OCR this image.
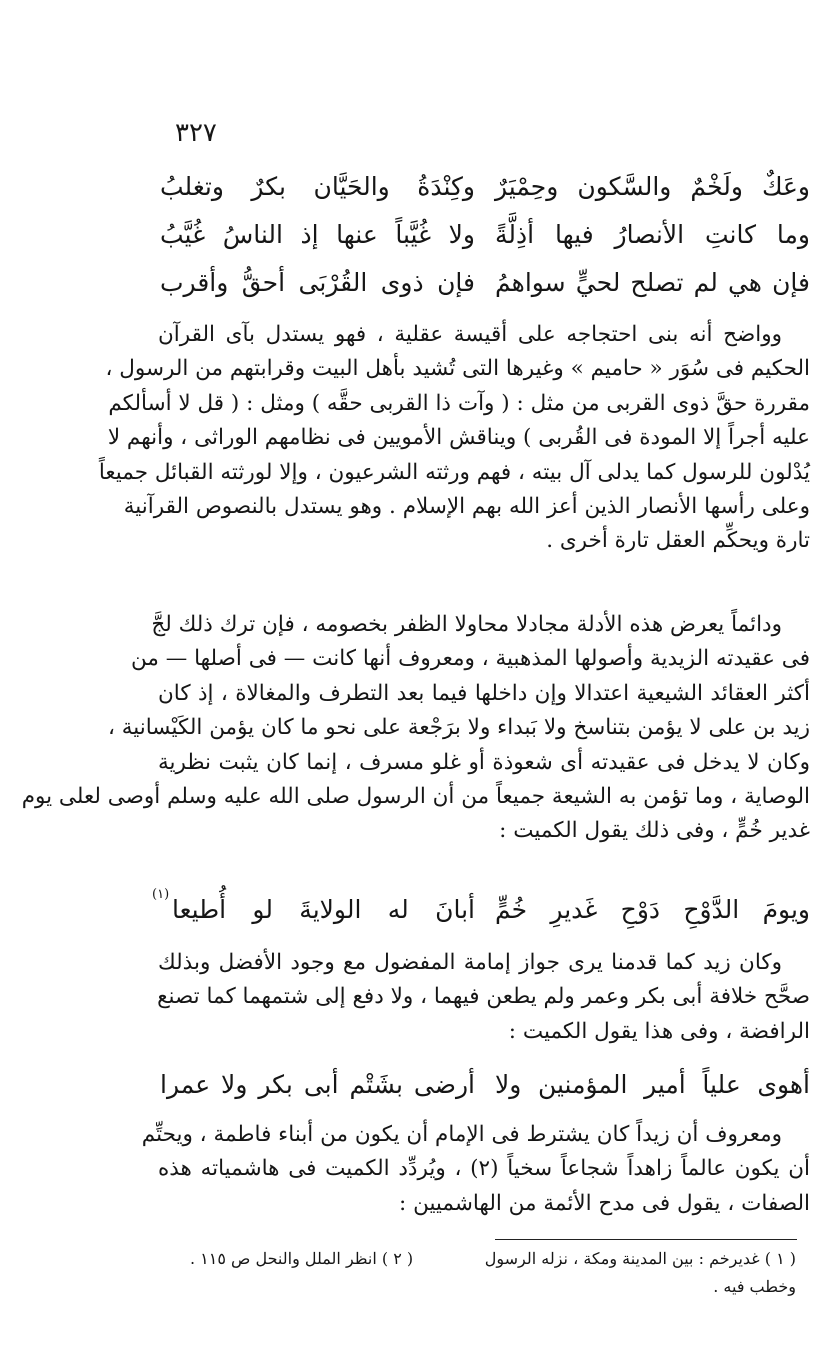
٣٢٧
وعَكٌ ولَخْمٌ والسَّكون وحِمْيَرٌ
وكِنْدَةُ والحَيَّان بكرٌ وتغلبُ
وما كانتِ الأنصارُ فيها أذِلَّةً
ولا غُيَّباً عنها إذ الناسُ غُيَّبُ
فإن هي لم تصلح لحيٍّ سواهمُ
فإن ذوى القُرْبَى أحقُّ وأقرب
وواضح أنه بنى احتجاجه على أقيسة عقلية ، فهو يستدل بآى القرآن
الحكيم فى سُوَر « حاميم » وغيرها التى تُشيد بأهل البيت وقرابتهم من الرسول ،
مقررة حقَّ ذوى القربى من مثل : ( وآت ذا القربى حقَّه ) ومثل : ( قل لا أسألكم
عليه أجراً إلا المودة فى القُربى ) ويناقش الأمويين فى نظامهم الوراثى ، وأنهم لا
يُدْلون للرسول كما يدلى آل بيته ، فهم ورثته الشرعيون ، وإلا لورثته القبائل جميعاً
وعلى رأسها الأنصار الذين أعز الله بهم الإسلام . وهو يستدل بالنصوص القرآنية
تارة ويحكِّم العقل تارة أخرى .
ودائماً يعرض هذه الأدلة مجادلا محاولا الظفر بخصومه ، فإن ترك ذلك لجَّ
فى عقيدته الزيدية وأصولها المذهبية ، ومعروف أنها كانت — فى أصلها — من
أكثر العقائد الشيعية اعتدالا وإن داخلها فيما بعد التطرف والمغالاة ، إذ كان
زيد بن على لا يؤمن بتناسخ ولا بَبداء ولا برَجْعة على نحو ما كان يؤمن الكَيْسانية ،
وكان لا يدخل فى عقيدته أى شعوذة أو غلو مسرف ، إنما كان يثبت نظرية
الوصاية ، وما تؤمن به الشيعة جميعاً من أن الرسول صلى الله عليه وسلم أوصى لعلى يوم
غدير خُمٍّ ، وفى ذلك يقول الكميت :
ويومَ الدَّوْحِ دَوْحِ غَديرِ خُمٍّ
أبانَ له الولايةَ لو أُطيعا
(١)
وكان زيد كما قدمنا يرى جواز إمامة المفضول مع وجود الأفضل وبذلك
صحَّح خلافة أبى بكر وعمر ولم يطعن فيهما ، ولا دفع إلى شتمهما كما تصنع
الرافضة ، وفى هذا يقول الكميت :
أهوى علياً أمير المؤمنين ولا
أرضى بشَتْم أبى بكر ولا عمرا
ومعروف أن زيداً كان يشترط فى الإمام أن يكون من أبناء فاطمة ، ويحتِّم
أن يكون عالماً زاهداً شجاعاً سخياً (٢) ، ويُردِّد الكميت فى هاشمياته هذه
الصفات ، يقول فى مدح الأئمة من الهاشميين :
( ١ ) غديرخم : بين المدينة ومكة ، نزله الرسول
( ٢ ) انظر الملل والنحل ص ١١٥ .
وخطب فيه .
